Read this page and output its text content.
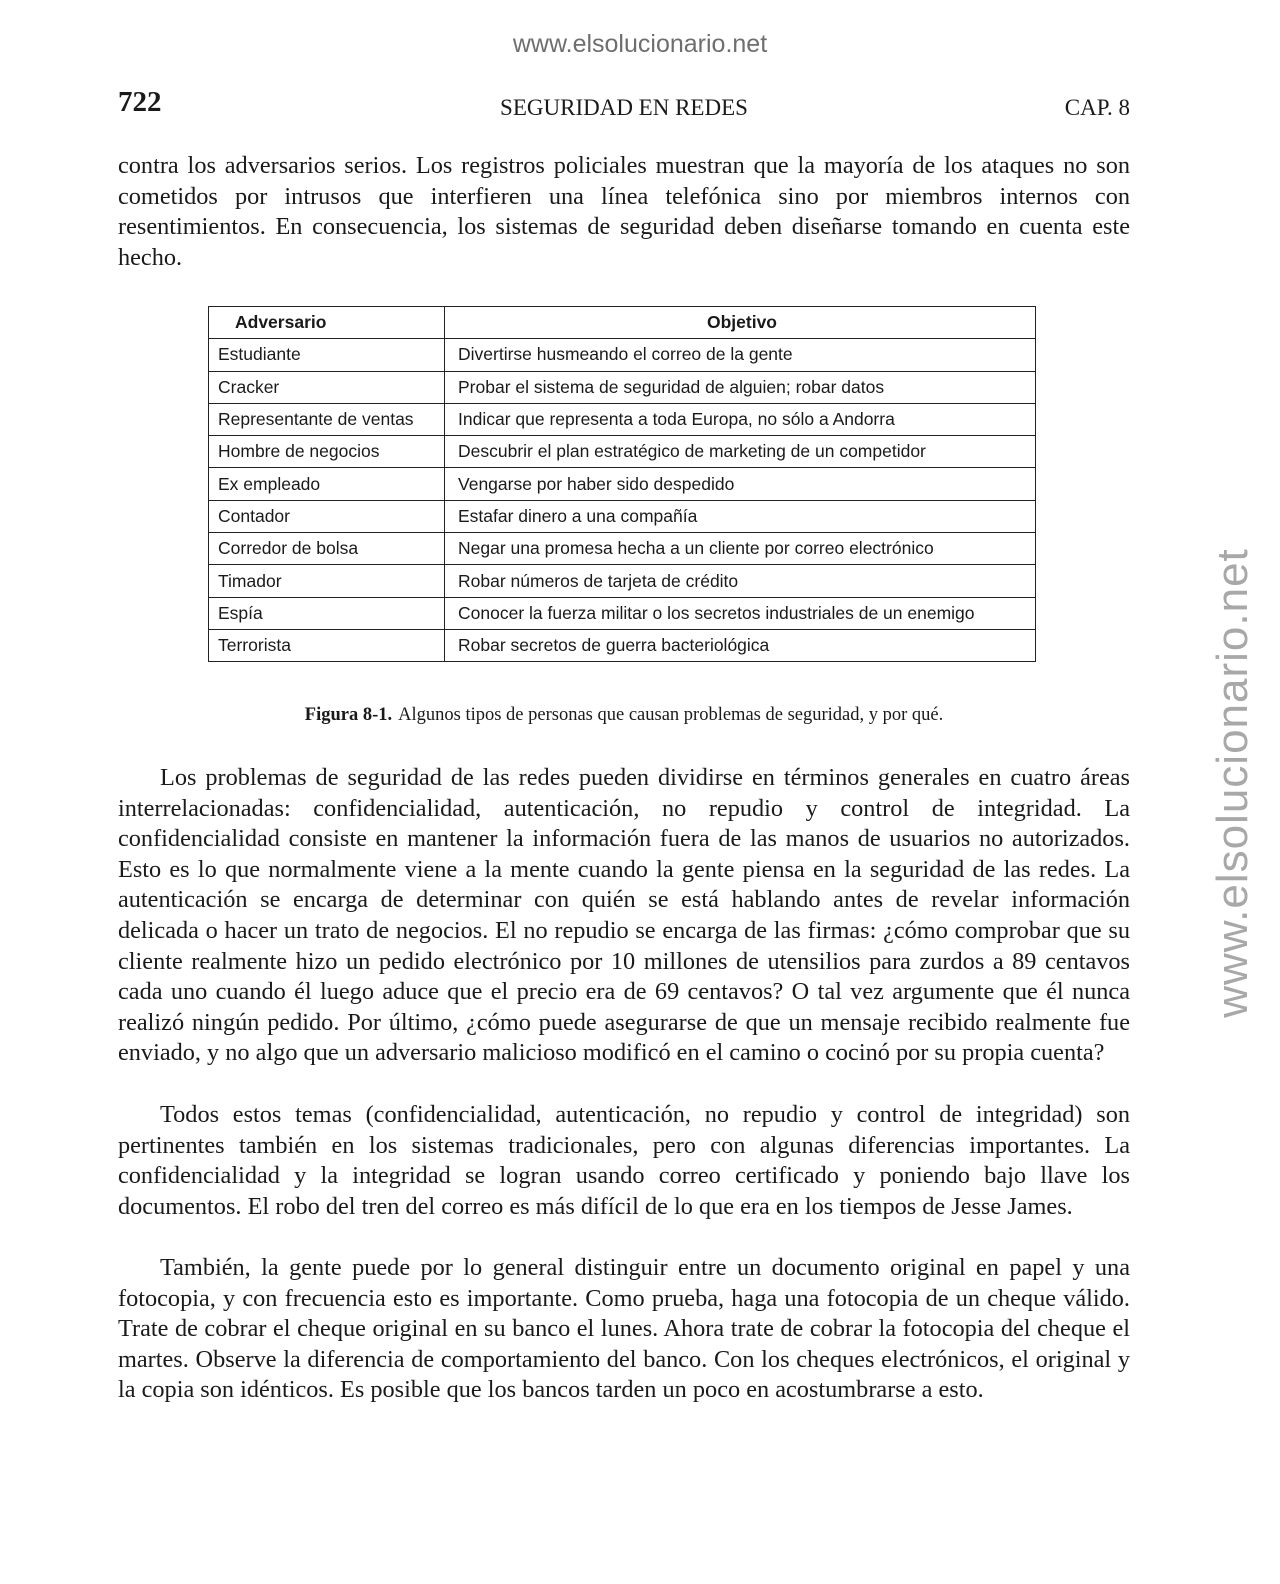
www.elsolucionario.net
www.elsolucionario.net
722	SEGURIDAD EN REDES	CAP. 8

contra los adversarios serios. Los registros policiales muestran que la mayoría de los ataques no son cometidos por intrusos que interfieren una línea telefónica sino por miembros internos con resentimientos. En consecuencia, los sistemas de seguridad deben diseñarse tomando en cuenta este hecho.

Adversario	Objetivo
Estudiante	Divertirse husmeando el correo de la gente
Cracker	Probar el sistema de seguridad de alguien; robar datos
Representante de ventas	Indicar que representa a toda Europa, no sólo a Andorra
Hombre de negocios	Descubrir el plan estratégico de marketing de un competidor
Ex empleado	Vengarse por haber sido despedido
Contador	Estafar dinero a una compañía
Corredor de bolsa	Negar una promesa hecha a un cliente por correo electrónico
Timador	Robar números de tarjeta de crédito
Espía	Conocer la fuerza militar o los secretos industriales de un enemigo
Terrorista	Robar secretos de guerra bacteriológica
Figura 8-1. Algunos tipos de personas que causan problemas de seguridad, y por qué.

Los problemas de seguridad de las redes pueden dividirse en términos generales en cuatro áreas interrelacionadas: confidencialidad, autenticación, no repudio y control de integridad. La confidencialidad consiste en mantener la información fuera de las manos de usuarios no autorizados. Esto es lo que normalmente viene a la mente cuando la gente piensa en la seguridad de las redes. La autenticación se encarga de determinar con quién se está hablando antes de revelar información delicada o hacer un trato de negocios. El no repudio se encarga de las firmas: ¿cómo comprobar que su cliente realmente hizo un pedido electrónico por 10 millones de utensilios para zurdos a 89 centavos cada uno cuando él luego aduce que el precio era de 69 centavos? O tal vez argumente que él nunca realizó ningún pedido. Por último, ¿cómo puede asegurarse de que un mensaje recibido realmente fue enviado, y no algo que un adversario malicioso modificó en el camino o cocinó por su propia cuenta?

Todos estos temas (confidencialidad, autenticación, no repudio y control de integridad) son pertinentes también en los sistemas tradicionales, pero con algunas diferencias importantes. La confidencialidad y la integridad se logran usando correo certificado y poniendo bajo llave los documentos. El robo del tren del correo es más difícil de lo que era en los tiempos de Jesse James.

También, la gente puede por lo general distinguir entre un documento original en papel y una fotocopia, y con frecuencia esto es importante. Como prueba, haga una fotocopia de un cheque válido. Trate de cobrar el cheque original en su banco el lunes. Ahora trate de cobrar la fotocopia del cheque el martes. Observe la diferencia de comportamiento del banco. Con los cheques electrónicos, el original y la copia son idénticos. Es posible que los bancos tarden un poco en acostumbrarse a esto.
